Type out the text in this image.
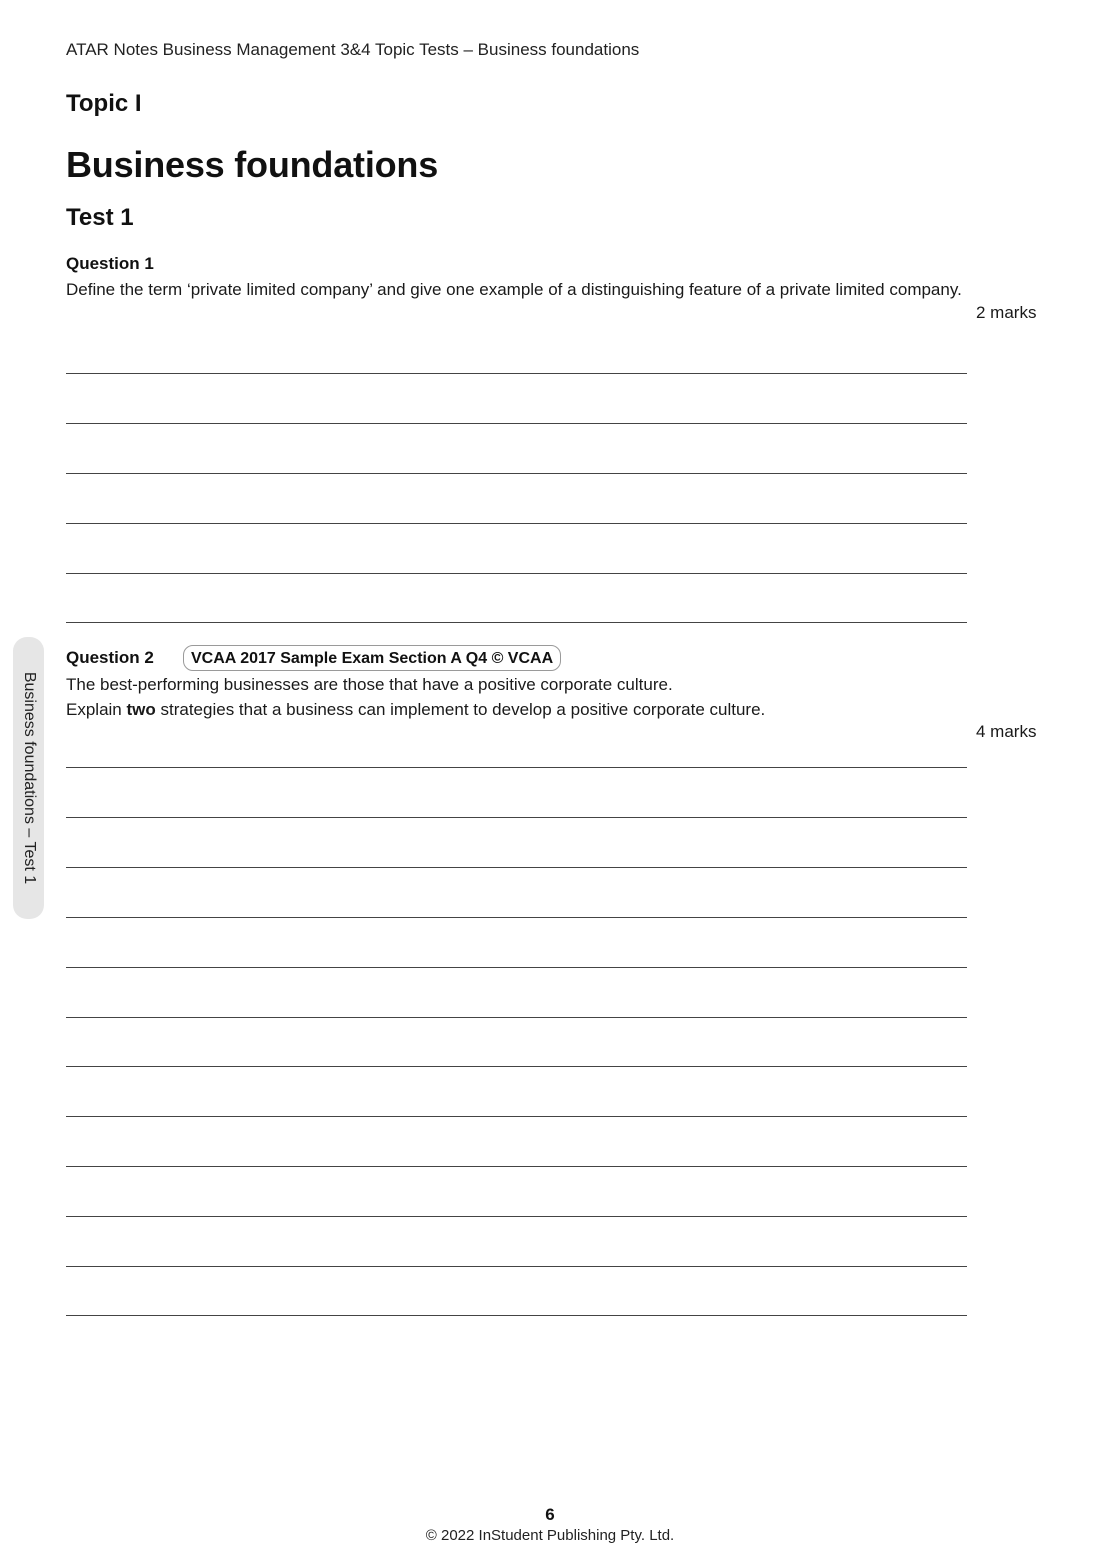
ATAR Notes Business Management 3&4 Topic Tests – Business foundations
Topic I
Business foundations
Test 1
Question 1
Define the term ‘private limited company’ and give one example of a distinguishing feature of a private limited company.
2 marks
Question 2	VCAA 2017 Sample Exam Section A Q4 © VCAA
The best-performing businesses are those that have a positive corporate culture.
Explain two strategies that a business can implement to develop a positive corporate culture.
4 marks
Business foundations – Test 1
6
© 2022 InStudent Publishing Pty. Ltd.
